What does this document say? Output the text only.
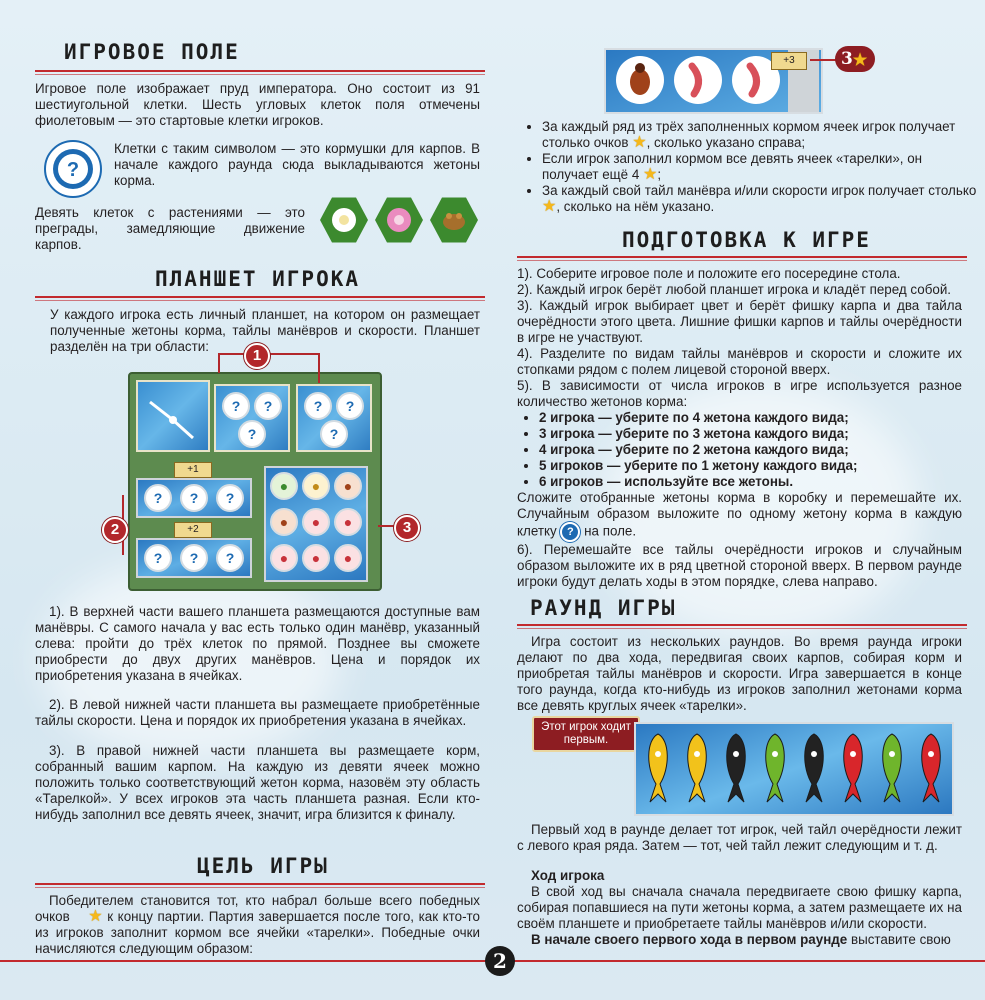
ИГРОВОЕ ПОЛЕ
Игровое поле изображает пруд императора. Оно состоит из 91 шестиугольной клетки. Шесть угловых клеток поля отмечены фиолетовым — это стартовые клетки игроков.
?
Клетки с таким символом — это кормушки для карпов. В начале каждого раунда сюда выкладываются жетоны корма.
Девять клеток с растениями — это преграды, замедляющие движение карпов.
ПЛАНШЕТ ИГРОКА
У каждого игрока есть личный планшет, на котором он размещает полученные жетоны корма, тайлы манёвров и скорости. Планшет разделён на три области:
?	?
?
?	?
?
?	?	?
+1
?	?	?
+2
●	●	●
●	●	●
●	●	●
1
2	3
1). В верхней части вашего планшета размещаются доступные вам манёвры. С самого начала у вас есть только один манёвр, указанный слева: пройти до трёх клеток по прямой. Позднее вы сможете приобрести до двух других манёвров. Цена и порядок их приобретения указана в ячейках.
2). В левой нижней части планшета вы размещаете приобретённые тайлы скорости. Цена и порядок их приобретения указана в ячейках.
3). В правой нижней части планшета вы размещаете корм, собранный вашим карпом. На каждую из девяти ячеек можно положить только соответствующий жетон корма, назовём эту область «Тарелкой». У всех игроков эта часть планшета разная. Если кто-нибудь заполнил все девять ячеек, значит, игра близится к финалу.
ЦЕЛЬ ИГРЫ
Победителем становится тот, кто набрал больше всего победных очков ★ к концу партии. Партия завершается после того, как кто-то из игроков заполнит кормом все ячейки «тарелки». Победные очки начисляются следующим образом:
+3	3★
• За каждый ряд из трёх заполненных кормом ячеек игрок получает столько очков ★, сколько указано справа;
• Если игрок заполнил кормом все девять ячеек «тарелки», он получает ещё 4 ★;
• За каждый свой тайл манёвра и/или скорости игрок получает столько ★, сколько на нём указано.
ПОДГОТОВКА К ИГРЕ

1). Соберите игровое поле и положите его посередине стола.

2). Каждый игрок берёт любой планшет игрока и кладёт перед собой.

3). Каждый игрок выбирает цвет и берёт фишку карпа и два тайла очерёдности этого цвета. Лишние фишки карпов и тайлы очерёдности в игре не участвуют.

4). Разделите по видам тайлы манёвров и скорости и сложите их стопками рядом с полем лицевой стороной вверх.

5). В зависимости от числа игроков в игре используется разное количество жетонов корма:

• 2 игрока — уберите по 4 жетона каждого вида;
• 3 игрока — уберите по 3 жетона каждого вида;
• 4 игрока — уберите по 2 жетона каждого вида;
• 5 игроков — уберите по 1 жетону каждого вида;
• 6 игроков — используйте все жетоны.

Сложите отобранные жетоны корма в коробку и перемешайте их. Случайным образом выложите по одному жетону корма в каждую клетку ? на поле.

6). Перемешайте все тайлы очерёдности игроков и случайным образом выложите их в ряд цветной стороной вверх. В первом раунде игроки будут делать ходы в этом порядке, слева направо.

РАУНД ИГРЫ
Игра состоит из нескольких раундов. Во время раунда игроки делают по два хода, передвигая своих карпов, собирая корм и приобретая тайлы манёвров и скорости. Игра завершается в конце того раунда, когда кто-нибудь из игроков заполнил жетонами корма все девять круглых ячеек «тарелки».
Этот игрок ходит первым.
Первый ход в раунде делает тот игрок, чей тайл очерёдности лежит с левого края ряда. Затем — тот, чей тайл лежит следующим и т. д.
Ход игрока
В свой ход вы сначала сначала передвигаете свою фишку карпа, собирая попавшиеся на пути жетоны корма, а затем размещаете их на своём планшете и приобретаете тайлы манёвров и/или скорости.
В начале своего первого хода в первом раунде выставите свою
2
